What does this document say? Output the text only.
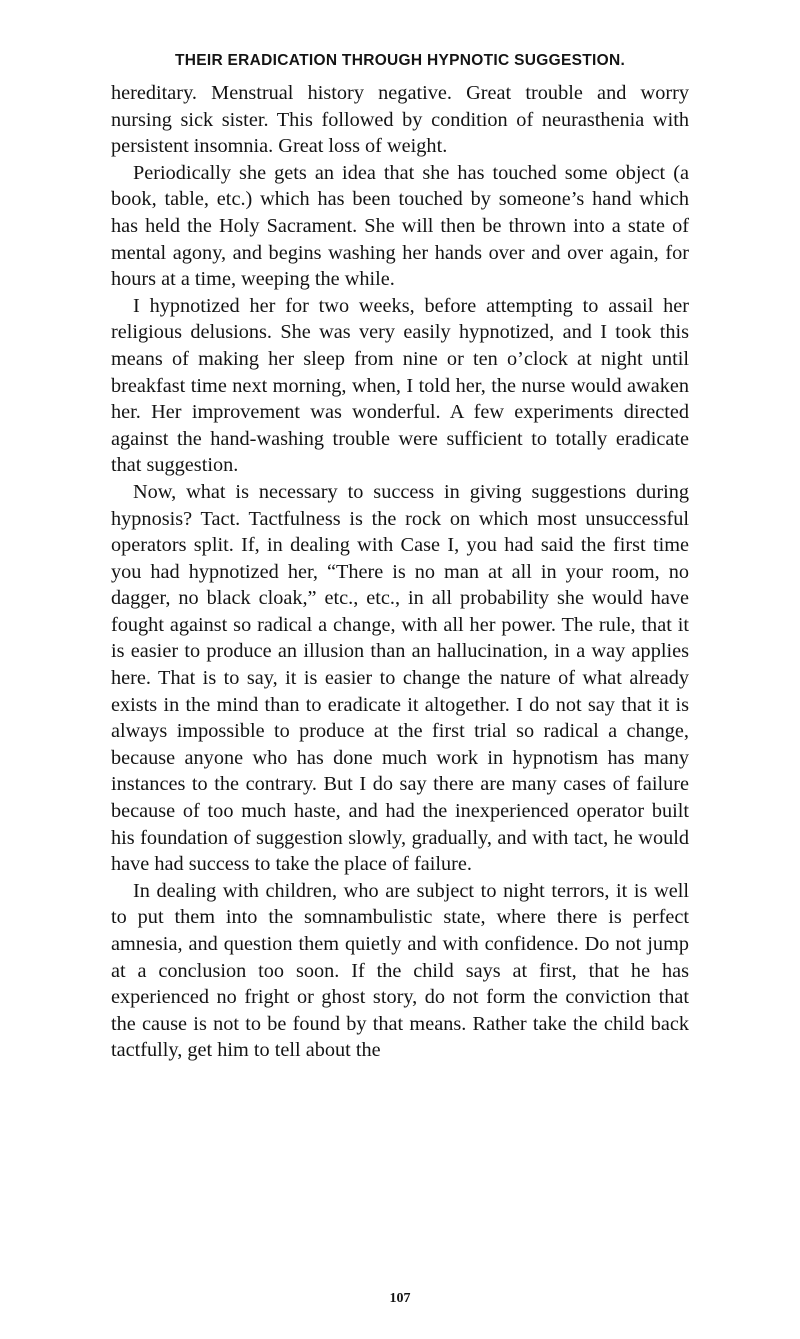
THEIR ERADICATION THROUGH HYPNOTIC SUGGESTION.

hereditary. Menstrual history negative. Great trouble and worry nursing sick sister. This followed by condition of neurasthenia with persistent insomnia. Great loss of weight.

Periodically she gets an idea that she has touched some object (a book, table, etc.) which has been touched by someone’s hand which has held the Holy Sacrament. She will then be thrown into a state of mental agony, and begins washing her hands over and over again, for hours at a time, weeping the while.

I hypnotized her for two weeks, before attempting to assail her religious delusions. She was very easily hypnotized, and I took this means of making her sleep from nine or ten o’clock at night until breakfast time next morning, when, I told her, the nurse would awaken her. Her improvement was wonderful. A few experiments directed against the hand-washing trouble were sufficient to totally eradicate that suggestion.

Now, what is necessary to success in giving suggestions during hypnosis? Tact. Tactfulness is the rock on which most unsuccessful operators split. If, in dealing with Case I, you had said the first time you had hypnotized her, “There is no man at all in your room, no dagger, no black cloak,” etc., etc., in all probability she would have fought against so radical a change, with all her power. The rule, that it is easier to produce an illusion than an hallucination, in a way applies here. That is to say, it is easier to change the nature of what already exists in the mind than to eradicate it altogether. I do not say that it is always impossible to produce at the first trial so radical a change, because anyone who has done much work in hypnotism has many instances to the contrary. But I do say there are many cases of failure because of too much haste, and had the inexperienced operator built his foundation of suggestion slowly, gradually, and with tact, he would have had success to take the place of failure.

In dealing with children, who are subject to night terrors, it is well to put them into the somnambulistic state, where there is perfect amnesia, and question them quietly and with confidence. Do not jump at a conclusion too soon. If the child says at first, that he has experienced no fright or ghost story, do not form the conviction that the cause is not to be found by that means. Rather take the child back tactfully, get him to tell about the

107
